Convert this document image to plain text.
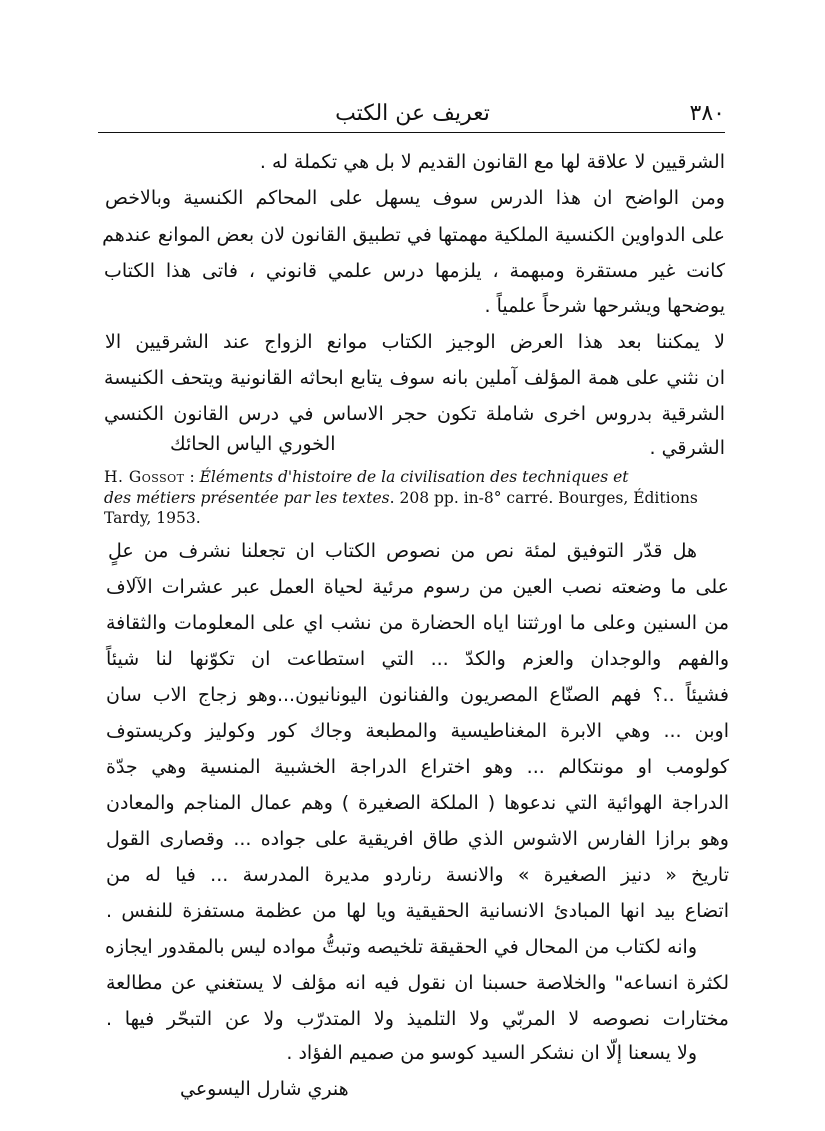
٣٨٠
تعريف عن الكتب
الشرقيين لا علاقة لها مع القانون القديم لا بل هي تكملة له .
ومن الواضح ان هذا الدرس سوف يسهل على المحاكم الكنسية وبالاخص
على الدواوين الكنسية الملكية مهمتها في تطبيق القانون لان بعض الموانع عندهم
كانت غير مستقرة ومبهمة ، يلزمها درس علمي قانوني ، فاتى هذا الكتاب
يوضحها ويشرحها شرحاً علمياً .
لا يمكننا بعد هذا العرض الوجيز الكتاب موانع الزواج عند الشرقيين الا
ان نثني على همة المؤلف آملين بانه سوف يتابع ابحاثه القانونية ويتحف الكنيسة
الشرقية بدروس اخرى شاملة تكون حجر الاساس في درس القانون الكنسي
الشرقي .
الخوري الياس الحائك
H. Gossot : Éléments d'histoire de la civilisation des techniques et
des métiers présentée par les textes. 208 pp. in-8° carré. Bourges, Éditions
Tardy, 1953.
هل قدّر التوفيق لمئة نص من نصوص الكتاب ان تجعلنا نشرف من علٍ
على ما وضعته نصب العين من رسوم مرئية لحياة العمل عبر عشرات الآلاف
من السنين وعلى ما اورثتنا اياه الحضارة من نشب اي على المعلومات والثقافة
والفهم والوجدان والعزم والكدّ ... التي استطاعت ان تكوّنها لنا شيئاً
فشيئاً ..؟ فهم الصنّاع المصريون والفنانون اليونانيون...وهو زجاج الاب سان
اوبن ... وهي الابرة المغناطيسية والمطبعة وجاك كور وكوليز وكريستوف
كولومب او مونتكالم ... وهو اختراع الدراجة الخشبية المنسية وهي جدّة
الدراجة الهوائية التي ندعوها ( الملكة الصغيرة ) وهم عمال المناجم والمعادن
وهو برازا الفارس الاشوس الذي طاق افريقية على جواده ... وقصارى القول
تاريخ « دنيز الصغيرة » والانسة رناردو مديرة المدرسة ... فيا له من
اتضاع بيد انها المبادئ الانسانية الحقيقية ويا لها من عظمة مستفزة للنفس .
وانه لكتاب من المحال في الحقيقة تلخيصه وتبتُّ مواده ليس بالمقدور ايجازه
لكثرة انساعه" والخلاصة حسبنا ان نقول فيه انه مؤلف لا يستغني عن مطالعة
مختارات نصوصه لا المربّي ولا التلميذ ولا المتدرّب ولا عن التبحّر فيها .
ولا يسعنا إلّا ان نشكر السيد كوسو من صميم الفؤاد .
هنري شارل اليسوعي
